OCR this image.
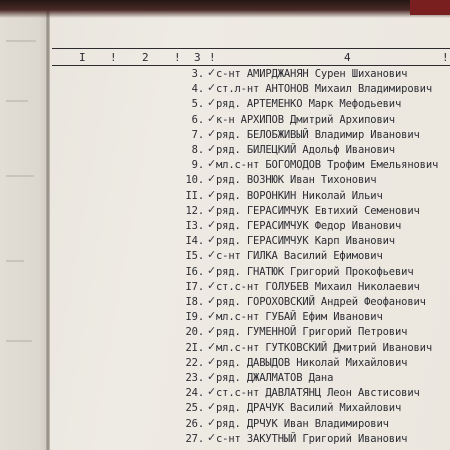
I ! 2 ! 3 !	4	!
3. ✓ с-нт АМИРДЖАНЯН Сурен Шиханович
4. ✓ ст.л-нт АНТОНОВ Михаил Владимирович
5. ✓ ряд. АРТЕМЕНКО Марк Мефодьевич
6. ✓ к-н АРХИПОВ Дмитрий Архипович
7. ✓ ряд. БЕЛОБЖИВЫЙ Владимир Иванович
8. ✓ ряд. БИЛЕЦКИЙ Адольф Иванович
9. ✓ мл.с-нт БОГОМОДОВ Трофим Емельянович
10. ✓ ряд. ВОЗНЮК Иван Тихонович
II. ✓ ряд. ВОРОНКИН Николай Ильич
12. ✓ ряд. ГЕРАСИМЧУК Евтихий Семенович
I3. ✓ ряд. ГЕРАСИМЧУК Федор Иванович
I4. ✓ ряд. ГЕРАСИМЧУК Карп Иванович
I5. ✓ с-нт ГИЛКА Василий Ефимович
I6. ✓ ряд. ГНАТЮК Григорий Прокофьевич
I7. ✓ ст.с-нт ГОЛУБЕВ Михаил Николаевич
I8. ✓ ряд. ГОРОХОВСКИЙ Андрей Феофанович
I9. ✓ мл.с-нт ГУБАЙ Ефим Иванович
20. ✓ ряд. ГУМЕННОЙ Григорий Петрович
2I. ✓ мл.с-нт ГУТКОВСКИЙ Дмитрий Иванович
22. ✓ ряд. ДАВЫДОВ Николай Михайлович
23. ✓ ряд. ДЖАЛМАТОВ Дана
24. ✓ ст.с-нт ДАВЛАТЯНЦ Леон Австисович
25. ✓ ряд. ДРАЧУК Василий Михайлович
26. ✓ ряд. ДРЧУК Иван Владимирович
27. ✓ с-нт ЗАКУТНЫЙ Григорий Иванович
